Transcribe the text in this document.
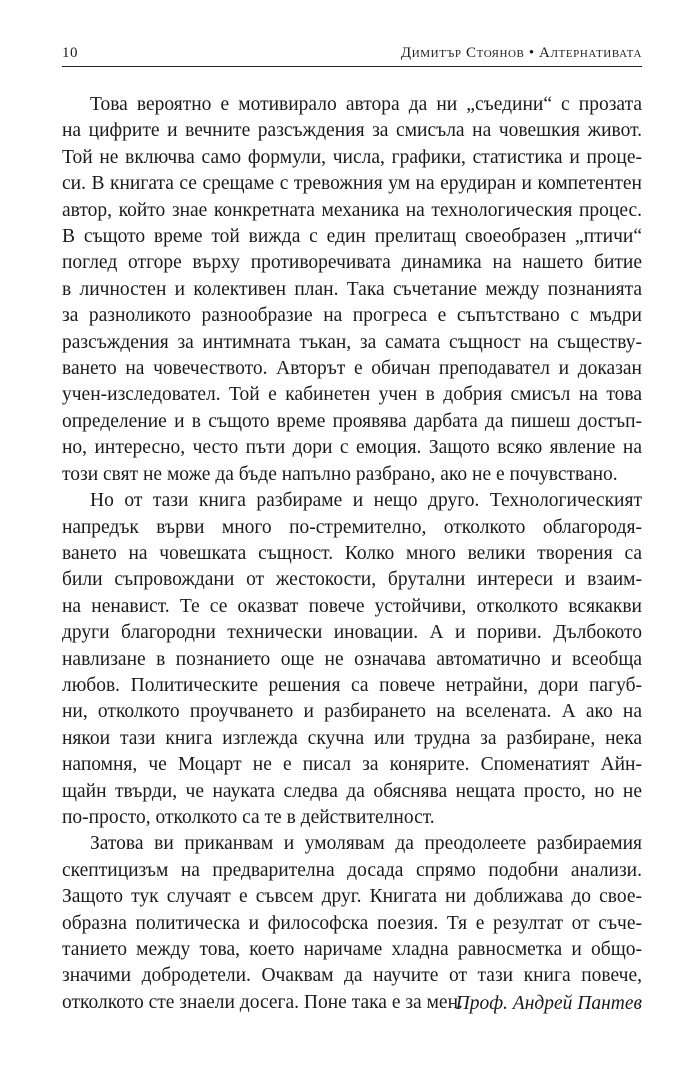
10	Димитър Стоянов • Алтернативата
Това вероятно е мотивирало автора да ни „съедини“ с прозата
на цифрите и вечните разсъждения за смисъла на човешкия живот.
Той не включва само формули, числа, графики, статистика и проце-
си. В книгата се срещаме с тревожния ум на ерудиран и компетентен
автор, който знае конкретната механика на технологическия процес.
В същото време той вижда с един прелитащ своеобразен „птичи“
поглед отгоре върху противоречивата динамика на нашето битие
в личностен и колективен план. Така съчетание между познанията
за разноликото разнообразие на прогреса е съпътствано с мъдри
разсъждения за интимната тъкан, за самата същност на съществу-
ването на човечеството. Авторът е обичан преподавател и доказан
учен-изследовател. Той е кабинетен учен в добрия смисъл на това
определение и в същото време проявява дарбата да пишеш достъп-
но, интересно, често пъти дори с емоция. Защото всяко явление на
този свят не може да бъде напълно разбрано, ако не е почувствано.
Но от тази книга разбираме и нещо друго. Технологическият
напредък върви много по-стремително, отколкото облагородя-
ването на човешката същност. Колко много велики творения са
били съпровождани от жестокости, брутални интереси и взаим-
на ненавист. Те се оказват повече устойчиви, отколкото всякакви
други благородни технически иновации. А и пориви. Дълбокото
навлизане в познанието още не означава автоматично и всеобща
любов. Политическите решения са повече нетрайни, дори пагуб-
ни, отколкото проучването и разбирането на вселената. А ако на
някои тази книга изглежда скучна или трудна за разбиране, нека
напомня, че Моцарт не е писал за конярите. Споменатият Айн-
щайн твърди, че науката следва да обяснява нещата просто, но не
по-просто, отколкото са те в действителност.
Затова ви приканвам и умолявам да преодолеете разбираемия
скептицизъм на предварителна досада спрямо подобни анализи.
Защото тук случаят е съвсем друг. Книгата ни доближава до свое-
образна политическа и философска поезия. Тя е резултат от съче-
танието между това, което наричаме хладна равносметка и общо-
значими добродетели. Очаквам да научите от тази книга повече,
отколкото сте знаели досега. Поне така е за мен.
Проф. Андрей Пантев
